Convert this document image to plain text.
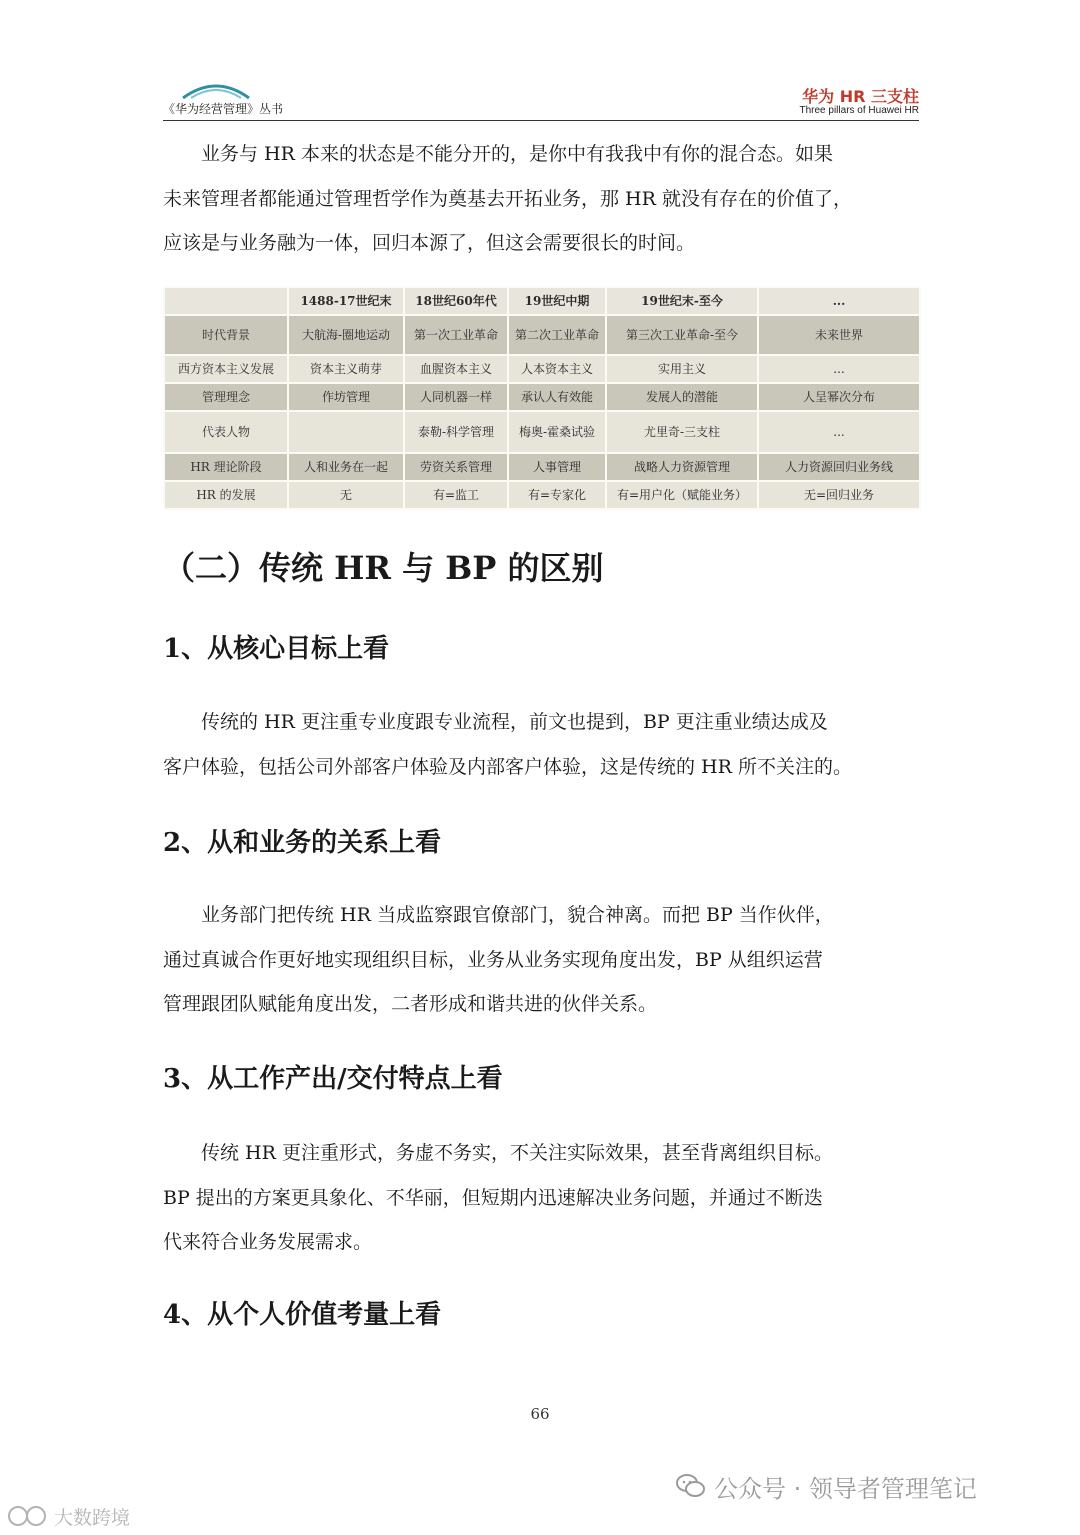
《华为经营管理》丛书
华为 HR 三支柱
Three pillars of Huawei HR

业务与 HR 本来的状态是不能分开的，是你中有我我中有你的混合态。如果
未来管理者都能通过管理哲学作为奠基去开拓业务，那 HR 就没有存在的价值了，
应该是与业务融为一体，回归本源了，但这会需要很长的时间。

	1488-17世纪末	18世纪60年代	19世纪中期	19世纪末-至今	...
时代背景	大航海-圈地运动	第一次工业革命	第二次工业革命	第三次工业革命-至今	未来世界
西方资本主义发展	资本主义萌芽	血腥资本主义	人本资本主义	实用主义	...
管理理念	作坊管理	人同机器一样	承认人有效能	发展人的潜能	人呈幂次分布
代表人物		泰勒-科学管理	梅奥-霍桑试验	尤里奇-三支柱	...
HR 理论阶段	人和业务在一起	劳资关系管理	人事管理	战略人力资源管理	人力资源回归业务线
HR 的发展	无	有=监工	有=专家化	有=用户化（赋能业务）	无=回归业务
（二）传统 HR 与 BP 的区别
1、从核心目标上看

传统的 HR 更注重专业度跟专业流程，前文也提到，BP 更注重业绩达成及
客户体验，包括公司外部客户体验及内部客户体验，这是传统的 HR 所不关注的。

2、从和业务的关系上看

业务部门把传统 HR 当成监察跟官僚部门，貌合神离。而把 BP 当作伙伴，
通过真诚合作更好地实现组织目标，业务从业务实现角度出发，BP 从组织运营
管理跟团队赋能角度出发，二者形成和谐共进的伙伴关系。

3、从工作产出/交付特点上看

传统 HR 更注重形式，务虚不务实，不关注实际效果，甚至背离组织目标。
BP 提出的方案更具象化、不华丽，但短期内迅速解决业务问题，并通过不断迭
代来符合业务发展需求。

4、从个人价值考量上看
66
公众号 · 领导者管理笔记
大数跨境
